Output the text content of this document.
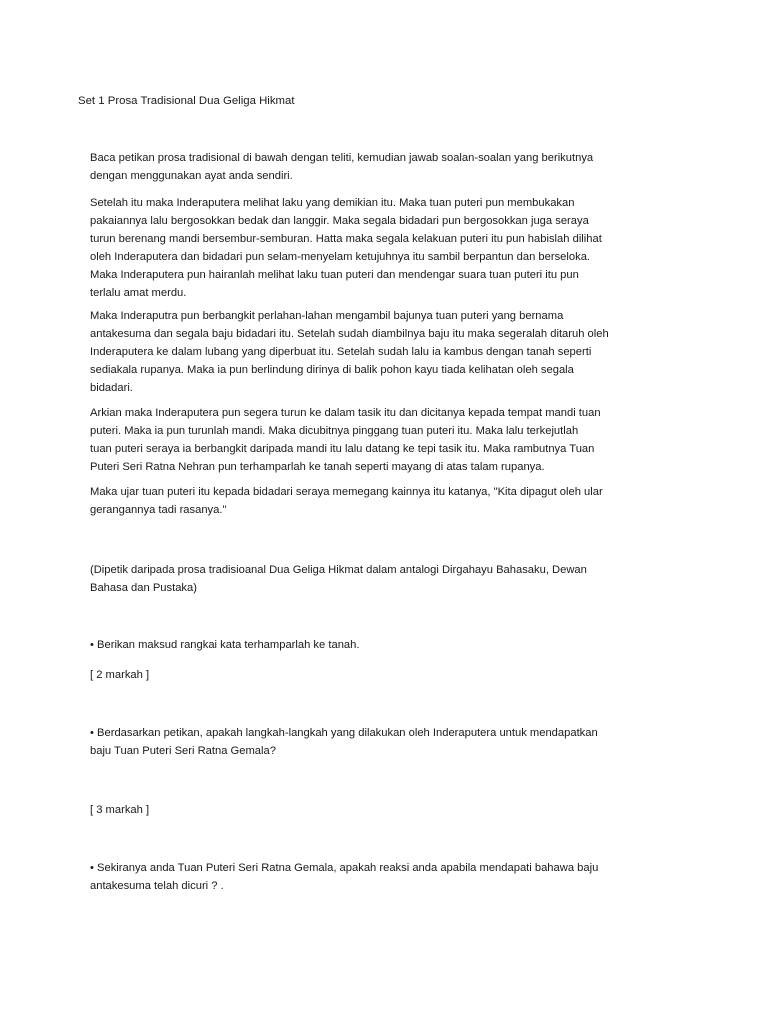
Set 1 Prosa Tradisional Dua Geliga Hikmat

Baca petikan prosa tradisional di bawah dengan teliti, kemudian jawab soalan-soalan yang berikutnya
dengan menggunakan ayat anda sendiri.

Setelah itu maka Inderaputera melihat laku yang demikian itu. Maka tuan puteri pun membukakan
pakaiannya lalu bergosokkan bedak dan langgir. Maka segala bidadari pun bergosokkan juga seraya
turun berenang mandi bersembur-semburan. Hatta maka segala kelakuan puteri itu pun habislah dilihat
oleh Inderaputera dan bidadari pun selam-menyelam ketujuhnya itu sambil berpantun dan berseloka.
Maka Inderaputera pun hairanlah melihat laku tuan puteri dan mendengar suara tuan puteri itu pun
terlalu amat merdu.

Maka Inderaputra pun berbangkit perlahan-lahan mengambil bajunya tuan puteri yang bernama
antakesuma dan segala baju bidadari itu. Setelah sudah diambilnya baju itu maka segeralah ditaruh oleh
Inderaputera ke dalam lubang yang diperbuat itu. Setelah sudah lalu ia kambus dengan tanah seperti
sediakala rupanya. Maka ia pun berlindung dirinya di balik pohon kayu tiada kelihatan oleh segala
bidadari.

Arkian maka Inderaputera pun segera turun ke dalam tasik itu dan dicitanya kepada tempat mandi tuan
puteri. Maka ia pun turunlah mandi. Maka dicubitnya pinggang tuan puteri itu. Maka lalu terkejutlah
tuan puteri seraya ia berbangkit daripada mandi itu lalu datang ke tepi tasik itu. Maka rambutnya Tuan
Puteri Seri Ratna Nehran pun terhamparlah ke tanah seperti mayang di atas talam rupanya.

Maka ujar tuan puteri itu kepada bidadari seraya memegang kainnya itu katanya, "Kita dipagut oleh ular
gerangannya tadi rasanya."

(Dipetik daripada prosa tradisioanal Dua Geliga Hikmat dalam antalogi Dirgahayu Bahasaku, Dewan
Bahasa dan Pustaka)

• Berikan maksud rangkai kata terhamparlah ke tanah.

[ 2 markah ]

• Berdasarkan petikan, apakah langkah-langkah yang dilakukan oleh Inderaputera untuk mendapatkan
baju Tuan Puteri Seri Ratna Gemala?

[ 3 markah ]

• Sekiranya anda Tuan Puteri Seri Ratna Gemala, apakah reaksi anda apabila mendapati bahawa baju
antakesuma telah dicuri ? .
